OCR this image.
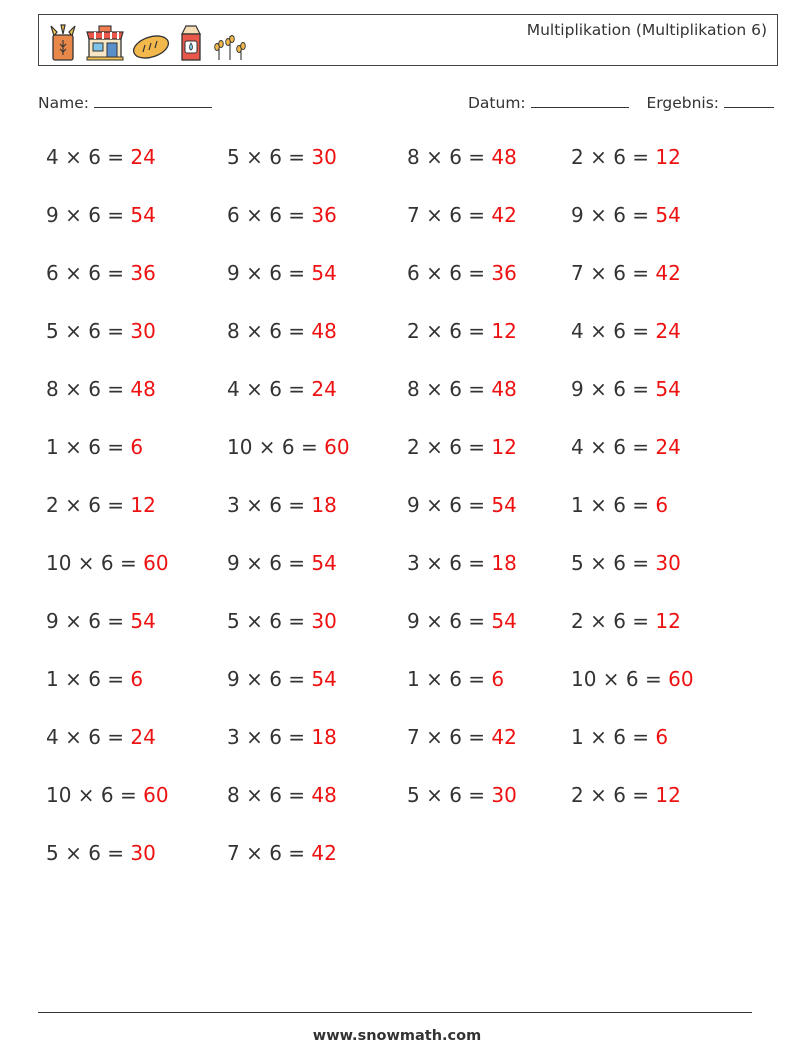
Multiplikation (Multiplikation 6)
Name:	Datum:	Ergebnis:
4 × 6 = 24
9 × 6 = 54
6 × 6 = 36
5 × 6 = 30
8 × 6 = 48
1 × 6 = 6
2 × 6 = 12
10 × 6 = 60
9 × 6 = 54
1 × 6 = 6
4 × 6 = 24
10 × 6 = 60
5 × 6 = 30
5 × 6 = 30
6 × 6 = 36
9 × 6 = 54
8 × 6 = 48
4 × 6 = 24
10 × 6 = 60
3 × 6 = 18
9 × 6 = 54
5 × 6 = 30
9 × 6 = 54
3 × 6 = 18
8 × 6 = 48
7 × 6 = 42
8 × 6 = 48
7 × 6 = 42
6 × 6 = 36
2 × 6 = 12
8 × 6 = 48
2 × 6 = 12
9 × 6 = 54
3 × 6 = 18
9 × 6 = 54
1 × 6 = 6
7 × 6 = 42
5 × 6 = 30
2 × 6 = 12
9 × 6 = 54
7 × 6 = 42
4 × 6 = 24
9 × 6 = 54
4 × 6 = 24
1 × 6 = 6
5 × 6 = 30
2 × 6 = 12
10 × 6 = 60
1 × 6 = 6
2 × 6 = 12
www.snowmath.com
